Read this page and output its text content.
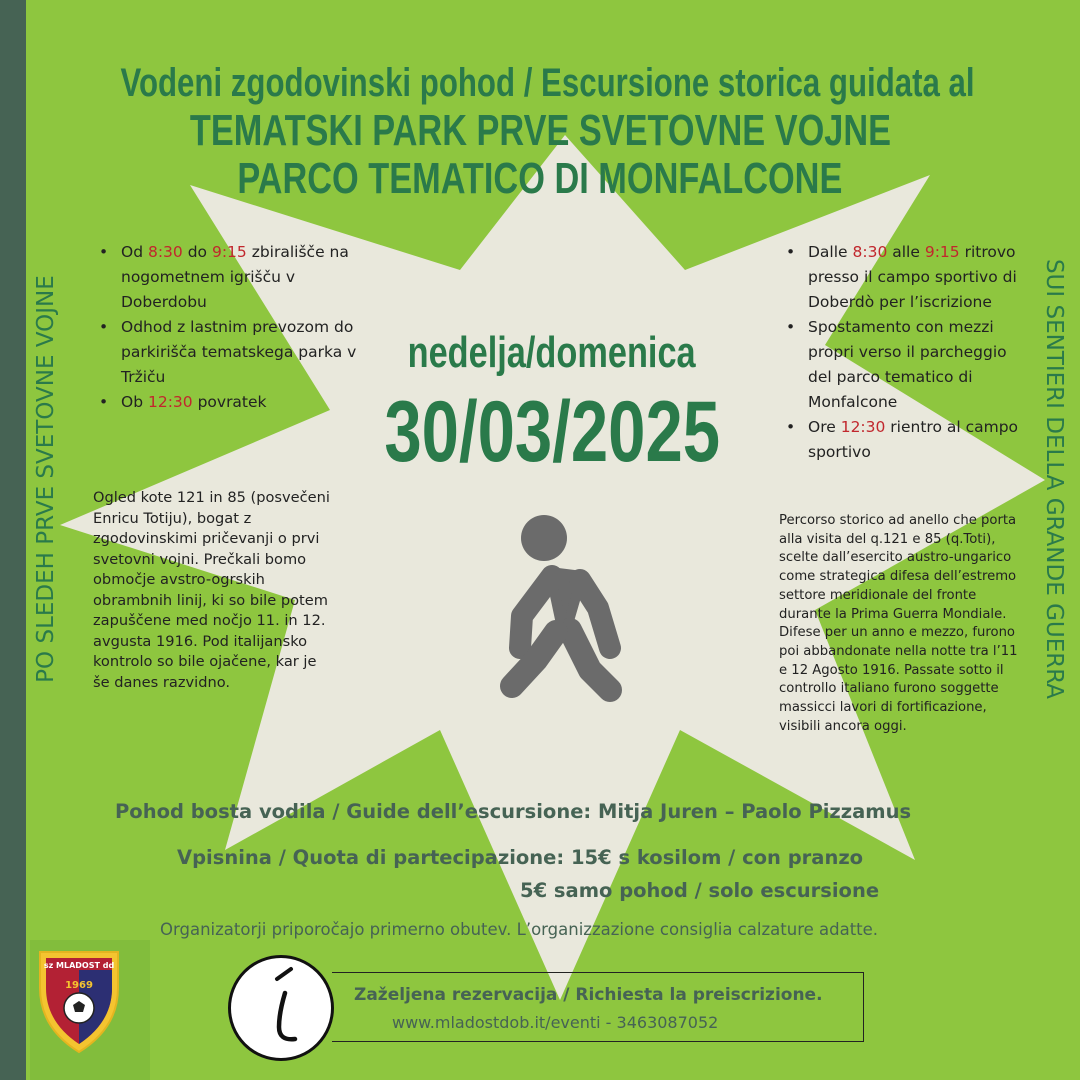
Vodeni zgodovinski pohod / Escursione storica guidata al
TEMATSKI PARK PRVE SVETOVNE VOJNE
PARCO TEMATICO DI MONFALCONE
PO SLEDEH PRVE SVETOVNE VOJNE	SUI SENTIERI DELLA GRANDE GUERRA
• Od 8:30 do 9:15 zbirališče na nogometnem igrišču v Doberdobu
• Odhod z lastnim prevozom do parkirišča tematskega parka v Tržiču
• Ob 12:30 povratek
• Dalle 8:30 alle 9:15 ritrovo presso il campo sportivo di Doberdò per l’iscrizione
• Spostamento con mezzi propri verso il parcheggio del parco tematico di Monfalcone
• Ore 12:30 rientro al campo sportivo
nedelja/domenica
30/03/2025

Ogled kote 121 in 85 (posvečeni Enricu Totiju), bogat z zgodovinskimi pričevanji o prvi svetovni vojni. Prečkali bomo območje avstro-ogrskih obrambnih linij, ki so bile potem zapuščene med nočjo 11. in 12. avgusta 1916. Pod italijansko kontrolo so bile ojačene, kar je še danes razvidno.

Percorso storico ad anello che porta alla visita del q.121 e 85 (q.Toti), scelte dall’esercito austro-ungarico come strategica difesa dell’estremo settore meridionale del fronte durante la Prima Guerra Mondiale. Difese per un anno e mezzo, furono poi abbandonate nella notte tra l’11 e 12 Agosto 1916. Passate sotto il controllo italiano furono soggette massicci lavori di fortificazione, visibili ancora oggi.

Pohod bosta vodila / Guide dell’escursione: Mitja Juren – Paolo Pizzamus
Vpisnina / Quota di partecipazione: 15€ s kosilom / con pranzo
5€ samo pohod / solo escursione
Organizatorji priporočajo primerno obutev. L’organizzazione consiglia calzature adatte.
sz MLADOST dd
1969	Zaželjena rezervacija / Richiesta la preiscrizione.
www.mladostdob.it/eventi - 3463087052
